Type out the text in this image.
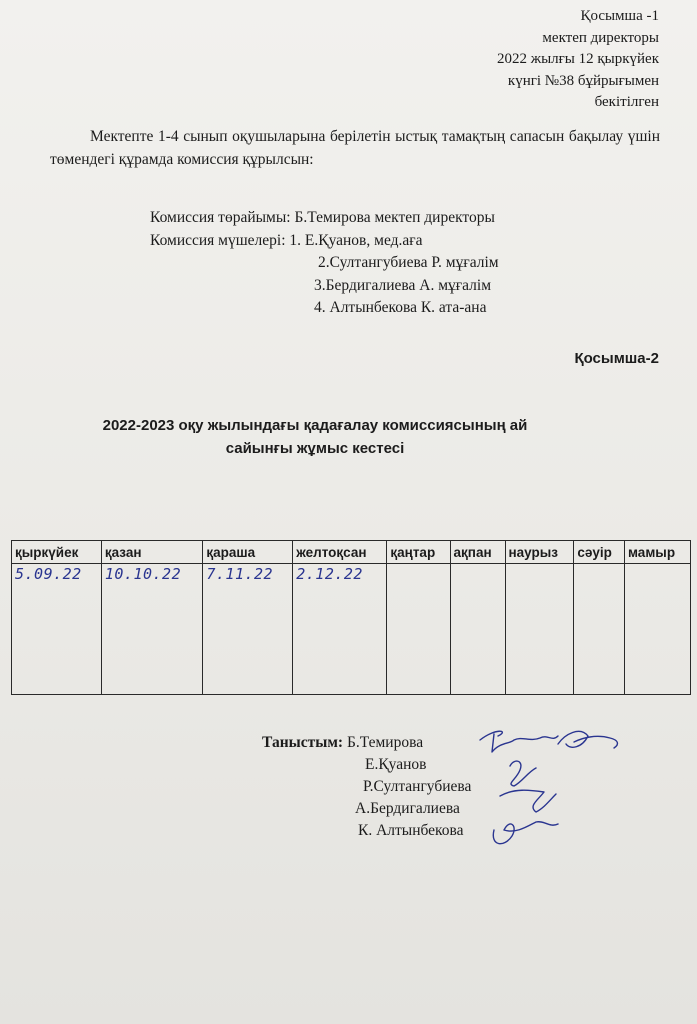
Қосымша -1
мектеп директоры
2022 жылғы 12 қыркүйек
күнгі №38 бұйрығымен
бекітілген
Мектепте 1-4 сынып оқушыларына берілетін ыстық тамақтың сапасын бақылау үшін төмендегі құрамда комиссия құрылсын:
Комиссия төрайымы: Б.Темирова мектеп директоры
Комиссия мүшелері: 1. Е.Қуанов, мед.аға
2.Султангубиева Р. мұғалім
3.Бердигалиева А. мұғалім
4. Алтынбекова К. ата-ана
Қосымша-2
2022-2023 оқу жылындағы қадағалау комиссиясының ай
сайынғы жұмыс кестесі
қыркүйек	қазан	қараша	желтоқсан	қаңтар	ақпан	наурыз	сәуір	мамыр
5.09.22	10.10.22	7.11.22	2.12.22					
Таныстым: Б.Темирова
Е.Қуанов
Р.Султангубиева
А.Бердигалиева
К. Алтынбекова
